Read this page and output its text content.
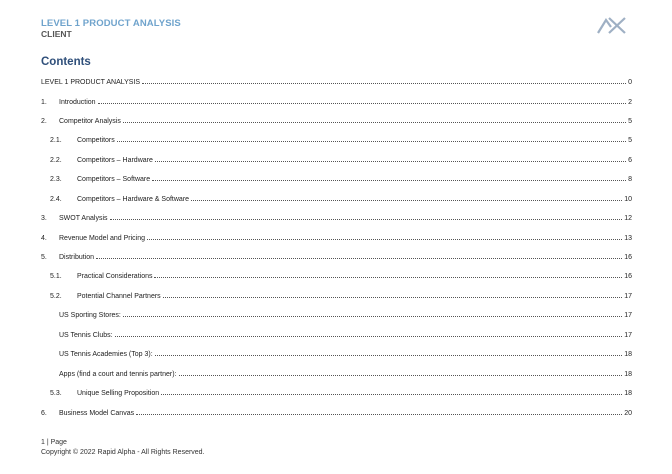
LEVEL 1 PRODUCT ANALYSIS
CLIENT
Contents
LEVEL 1 PRODUCT ANALYSIS	0
1.	Introduction	2
2.	Competitor Analysis	5
2.1.	Competitors	5
2.2.	Competitors – Hardware	6
2.3.	Competitors – Software	8
2.4.	Competitors – Hardware & Software	10
3.	SWOT Analysis	12
4.	Revenue Model and Pricing	13
5.	Distribution	16
5.1.	Practical Considerations	16
5.2.	Potential Channel Partners	17
US Sporting Stores:	17
US Tennis Clubs:	17
US Tennis Academies (Top 3):	18
Apps (find a court and tennis partner):	18
5.3.	Unique Selling Proposition	18
6.	Business Model Canvas	20
1 | Page
Copyright © 2022 Rapid Alpha - All Rights Reserved.
